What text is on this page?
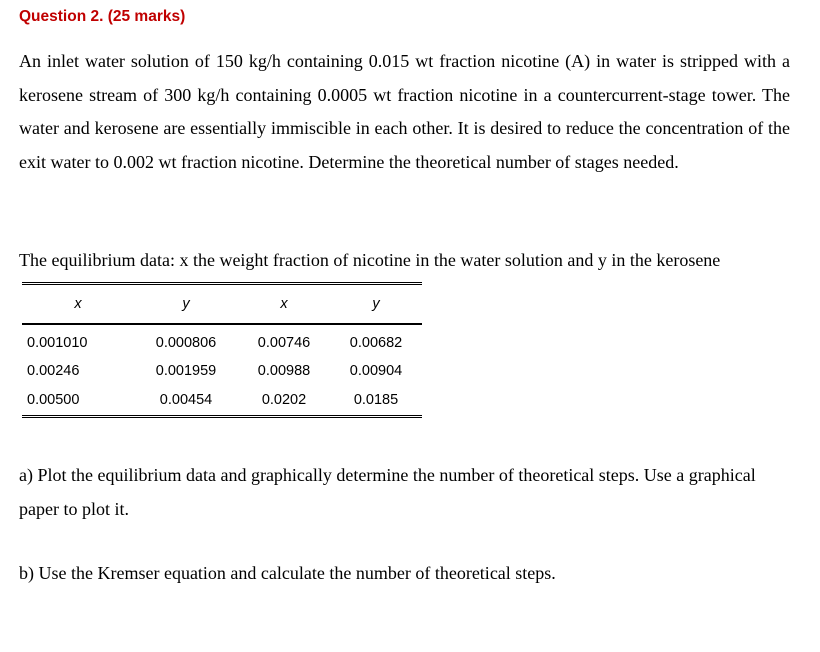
Question 2. (25 marks)
An inlet water solution of 150 kg/h containing 0.015 wt fraction nicotine (A) in water is stripped with a kerosene stream of 300 kg/h containing 0.0005 wt fraction nicotine in a countercurrent-stage tower. The water and kerosene are essentially immiscible in each other. It is desired to reduce the concentration of the exit water to 0.002 wt fraction nicotine. Determine the theoretical number of stages needed.
The equilibrium data: x the weight fraction of nicotine in the water solution and y in the kerosene
x	y	x	y
0.001010	0.000806	0.00746	0.00682
0.00246	0.001959	0.00988	0.00904
0.00500	0.00454	0.0202	0.0185
a) Plot the equilibrium data and graphically determine the number of theoretical steps. Use a graphical paper to plot it.
b) Use the Kremser equation and calculate the number of theoretical steps.
